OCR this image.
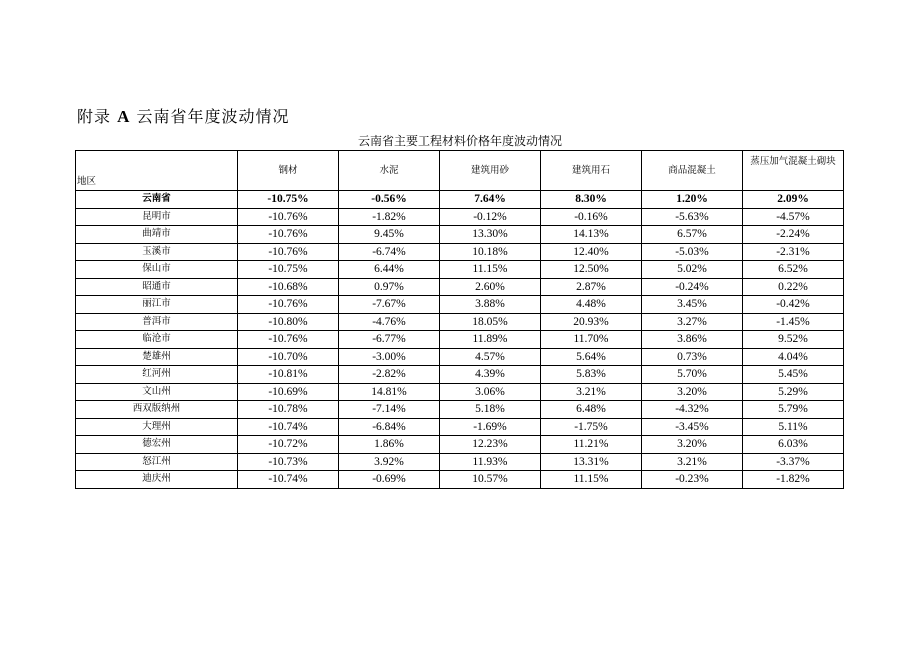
附录 A 云南省年度波动情况
云南省主要工程材料价格年度波动情况
地区	钢材	水泥	建筑用砂	建筑用石	商品混凝土	蒸压加气混凝土砌块
云南省	-10.75%	-0.56%	7.64%	8.30%	1.20%	2.09%
昆明市	-10.76%	-1.82%	-0.12%	-0.16%	-5.63%	-4.57%
曲靖市	-10.76%	9.45%	13.30%	14.13%	6.57%	-2.24%
玉溪市	-10.76%	-6.74%	10.18%	12.40%	-5.03%	-2.31%
保山市	-10.75%	6.44%	11.15%	12.50%	5.02%	6.52%
昭通市	-10.68%	0.97%	2.60%	2.87%	-0.24%	0.22%
丽江市	-10.76%	-7.67%	3.88%	4.48%	3.45%	-0.42%
普洱市	-10.80%	-4.76%	18.05%	20.93%	3.27%	-1.45%
临沧市	-10.76%	-6.77%	11.89%	11.70%	3.86%	9.52%
楚雄州	-10.70%	-3.00%	4.57%	5.64%	0.73%	4.04%
红河州	-10.81%	-2.82%	4.39%	5.83%	5.70%	5.45%
文山州	-10.69%	14.81%	3.06%	3.21%	3.20%	5.29%
西双版纳州	-10.78%	-7.14%	5.18%	6.48%	-4.32%	5.79%
大理州	-10.74%	-6.84%	-1.69%	-1.75%	-3.45%	5.11%
德宏州	-10.72%	1.86%	12.23%	11.21%	3.20%	6.03%
怒江州	-10.73%	3.92%	11.93%	13.31%	3.21%	-3.37%
迪庆州	-10.74%	-0.69%	10.57%	11.15%	-0.23%	-1.82%
